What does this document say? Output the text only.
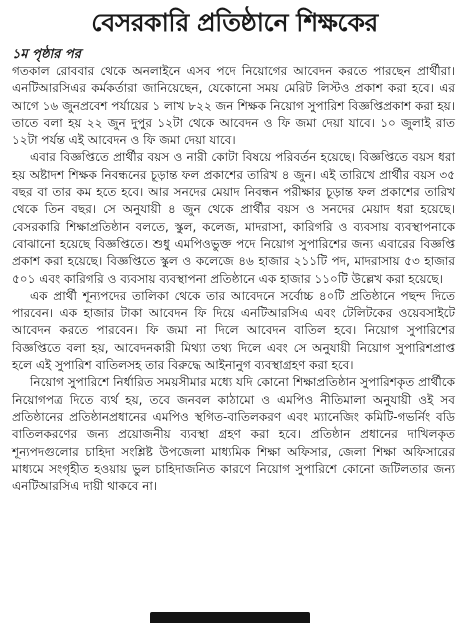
বেসরকারি প্রতিষ্ঠানে শিক্ষকের
১ম পৃষ্ঠার পর

গতকাল রোববার থেকে অনলাইনে এসব পদে নিয়োগের আবেদন করতে পারছেন প্রার্থীরা। এনটিআরসিএর কর্মকর্তারা জানিয়েছেন, যেকোনো সময় মেরিট লিস্টও প্রকাশ করা হবে। এর আগে ১৬ জুনপ্রবেশ পর্যায়ের ১ লাখ ৮২২ জন শিক্ষক নিয়োগ সুপারিশ বিজ্ঞপ্তিপ্রকাশ করা হয়। তাতে বলা হয় ২২ জুন দুপুর ১২টা থেকে আবেদন ও ফি জমা দেয়া যাবে। ১০ জুলাই রাত ১২টা পর্যন্ত এই আবেদন ও ফি জমা দেয়া যাবে।

এবার বিজ্ঞপ্তিতে প্রার্থীর বয়স ও নারী কোটা বিষয়ে পরিবর্তন হয়েছে। বিজ্ঞপ্তিতে বয়স ধরা হয় অষ্টাদশ শিক্ষক নিবন্ধনের চূড়ান্ত ফল প্রকাশের তারিখ ৪ জুন। এই তারিখে প্রার্থীর বয়স ৩৫ বছর বা তার কম হতে হবে। আর সনদের মেয়াদ নিবন্ধন পরীক্ষার চূড়ান্ত ফল প্রকাশের তারিখ থেকে তিন বছর। সে অনুযায়ী ৪ জুন থেকে প্রার্থীর বয়স ও সনদের মেয়াদ ধরা হয়েছে। বেসরকারি শিক্ষাপ্রতিষ্ঠান বলতে, স্কুল, কলেজ, মাদরাসা, কারিগরি ও ব্যবসায় ব্যবস্থাপনাকে বোঝানো হয়েছে বিজ্ঞপ্তিতে। শুধু এমপিওভুক্ত পদে নিয়োগ সুপারিশের জন্য এবারের বিজ্ঞপ্তি প্রকাশ করা হয়েছে। বিজ্ঞপ্তিতে স্কুল ও কলেজে ৪৬ হাজার ২১১টি পদ, মাদরাসায় ৫৩ হাজার ৫০১ এবং কারিগরি ও ব্যবসায় ব্যবস্থাপনা প্রতিষ্ঠানে এক হাজার ১১০টি উল্লেখ করা হয়েছে।

এক প্রার্থী শূন্যপদের তালিকা থেকে তার আবেদনে সর্বোচ্চ ৪০টি প্রতিষ্ঠানে পছন্দ দিতে পারবেন। এক হাজার টাকা আবেদন ফি দিয়ে এনটিআরসিএ এবং টেলিটকের ওয়েবসাইটে আবেদন করতে পারবেন। ফি জমা না দিলে আবেদন বাতিল হবে। নিয়োগ সুপারিশের বিজ্ঞপ্তিতে বলা হয়, আবেদনকারী মিথ্যা তথ্য দিলে এবং সে অনুযায়ী নিয়োগ সুপারিশপ্রাপ্ত হলে এই সুপারিশ বাতিলসহ তার বিরুদ্ধে আইনানুগ ব্যবস্থাগ্রহণ করা হবে।

নিয়োগ সুপারিশে নির্ধারিত সময়সীমার মধ্যে যদি কোনো শিক্ষাপ্রতিষ্ঠান সুপারিশকৃত প্রার্থীকে নিয়োগপত্র দিতে ব্যর্থ হয়, তবে জনবল কাঠামো ও এমপিও নীতিমালা অনুযায়ী ওই সব প্রতিষ্ঠানের প্রতিষ্ঠানপ্রধানের এমপিও স্থগিত-বাতিলকরণ এবং ম্যানেজিং কমিটি-গভর্নিং বডি বাতিলকরণের জন্য প্রয়োজনীয় ব্যবস্থা গ্রহণ করা হবে। প্রতিষ্ঠান প্রধানের দাখিলকৃত শূন্যপদগুলোর চাহিদা সংশ্লিষ্ট উপজেলা মাধ্যমিক শিক্ষা অফিসার, জেলা শিক্ষা অফিসারের মাধ্যমে সংগৃহীত হওয়ায় ভুল চাহিদাজনিত কারণে নিয়োগ সুপারিশে কোনো জটিলতার জন্য এনটিআরসিএ দায়ী থাকবে না।
